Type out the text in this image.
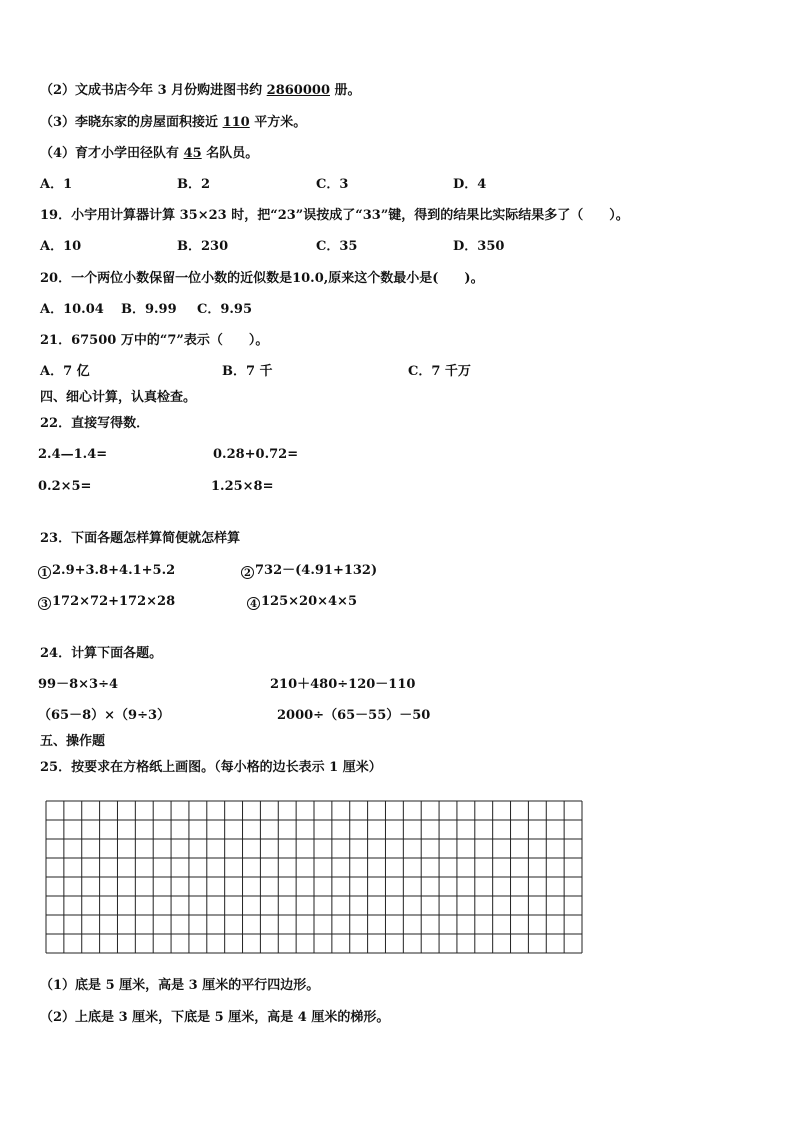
（2）文成书店今年 3 月份购进图书约 2860000 册。
（3）李晓东家的房屋面积接近 110 平方米。
（4）育才小学田径队有 45 名队员。
A．1	B．2	C．3	D．4
19．小宇用计算器计算 35×23 时，把“23”误按成了“33”键，得到的结果比实际结果多了（　　）。
A．10	B．230	C．35	D．350
20．一个两位小数保留一位小数的近似数是10.0,原来这个数最小是(　　)。
A．10.04 B．9.99 C．9.95
21．67500 万中的“7”表示（　　）。
A．7 亿	B．7 千	C．7 千万
四、细心计算，认真检查。
22．直接写得数．
2.4—1.4=	0.28+0.72=
0.2×5=	1.25×8=
23．下面各题怎样算简便就怎样算
1 2.9+3.8+4.1+5.2	2 732－(4.91+132)
3 172×72+172×28	4 125×20×4×5
24．计算下面各题。
99－8×3÷4	210＋480÷120－110
（65－8）×（9÷3）	2000÷（65－55）－50
五、操作题
25．按要求在方格纸上画图。（每小格的边长表示 1 厘米）
（1）底是 5 厘米，高是 3 厘米的平行四边形。
（2）上底是 3 厘米，下底是 5 厘米，高是 4 厘米的梯形。
